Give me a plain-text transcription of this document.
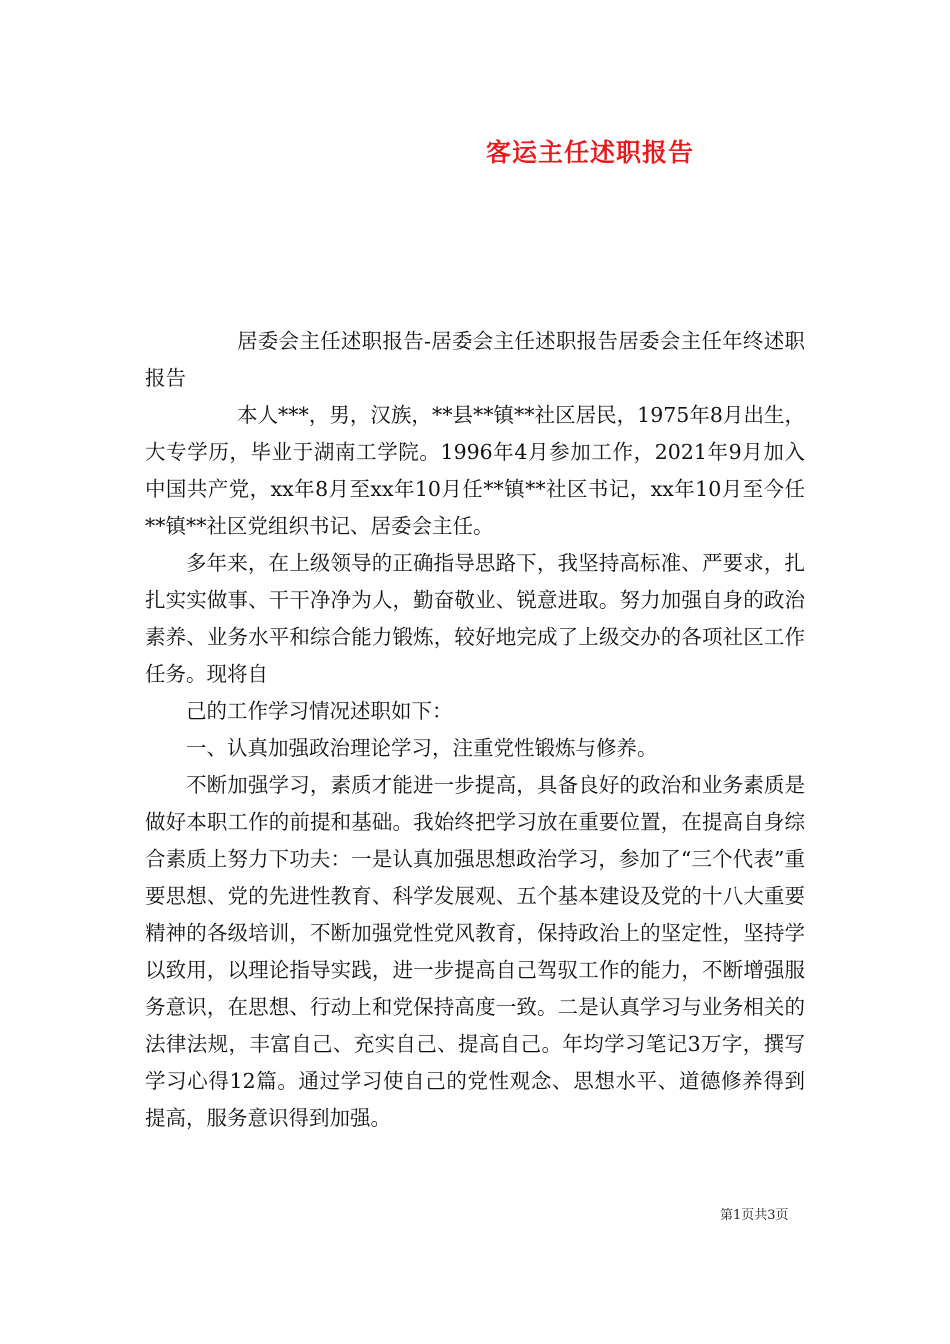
客运主任述职报告

居委会主任述职报告-居委会主任述职报告居委会主任年终述职报告

本人***，男，汉族，**县**镇**社区居民，1975年8月出生，大专学历，毕业于湖南工学院。1996年4月参加工作，2021年9月加入中国共产党，xx年8月至xx年10月任**镇**社区书记，xx年10月至今任**镇**社区党组织书记、居委会主任。

多年来，在上级领导的正确指导思路下，我坚持高标准、严要求，扎扎实实做事、干干净净为人，勤奋敬业、锐意进取。努力加强自身的政治素养、业务水平和综合能力锻炼，较好地完成了上级交办的各项社区工作任务。现将自

己的工作学习情况述职如下：

一、认真加强政治理论学习，注重党性锻炼与修养。

不断加强学习，素质才能进一步提高，具备良好的政治和业务素质是做好本职工作的前提和基础。我始终把学习放在重要位置，在提高自身综合素质上努力下功夫：一是认真加强思想政治学习，参加了“三个代表”重要思想、党的先进性教育、科学发展观、五个基本建设及党的十八大重要精神的各级培训，不断加强党性党风教育，保持政治上的坚定性，坚持学以致用，以理论指导实践，进一步提高自己驾驭工作的能力，不断增强服务意识，在思想、行动上和党保持高度一致。二是认真学习与业务相关的法律法规，丰富自己、充实自己、提高自己。年均学习笔记3万字，撰写学习心得12篇。通过学习使自己的党性观念、思想水平、道德修养得到提高，服务意识得到加强。

第1页共3页
